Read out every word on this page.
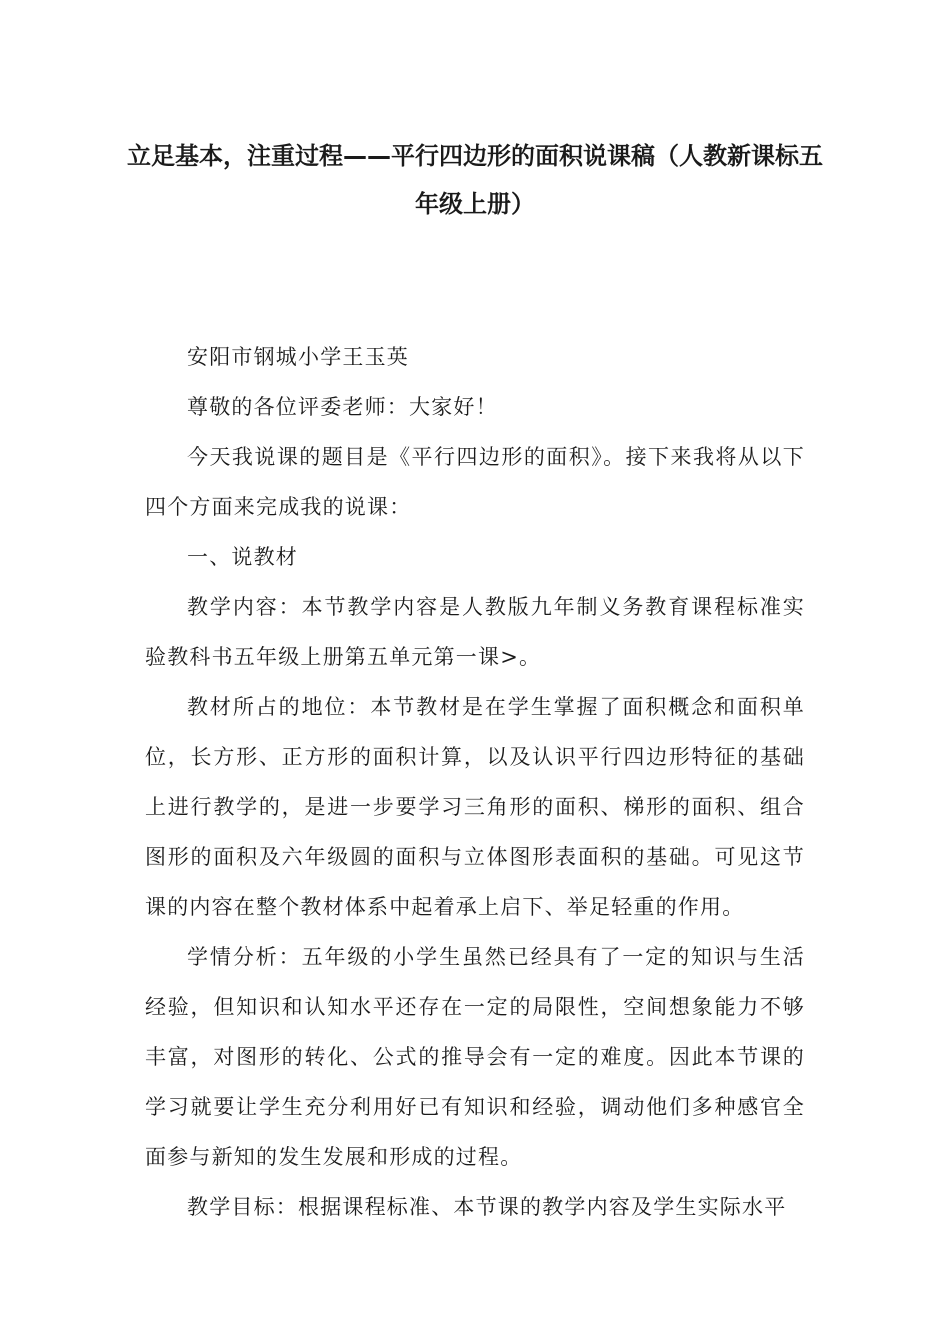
立足基本，注重过程——平行四边形的面积说课稿（人教新课标五
年级上册）

安阳市钢城小学王玉英

尊敬的各位评委老师：大家好！

今天我说课的题目是《平行四边形的面积》。接下来我将从以下四个方面来完成我的说课：

一、说教材

教学内容：本节教学内容是人教版九年制义务教育课程标准实验教科书五年级上册第五单元第一课>。

教材所占的地位：本节教材是在学生掌握了面积概念和面积单位，长方形、正方形的面积计算，以及认识平行四边形特征的基础上进行教学的，是进一步要学习三角形的面积、梯形的面积、组合图形的面积及六年级圆的面积与立体图形表面积的基础。可见这节课的内容在整个教材体系中起着承上启下、举足轻重的作用。

学情分析：五年级的小学生虽然已经具有了一定的知识与生活经验，但知识和认知水平还存在一定的局限性，空间想象能力不够丰富，对图形的转化、公式的推导会有一定的难度。因此本节课的学习就要让学生充分利用好已有知识和经验，调动他们多种感官全面参与新知的发生发展和形成的过程。

教学目标：根据课程标准、本节课的教学内容及学生实际水平
